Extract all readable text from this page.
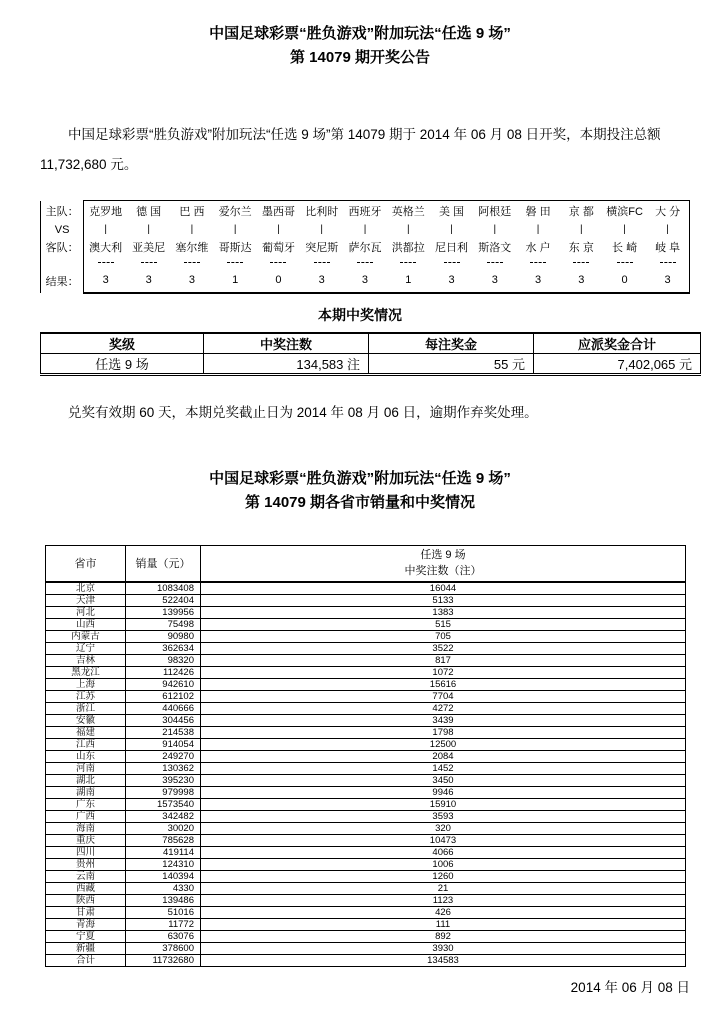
中国足球彩票“胜负游戏”附加玩法“任选 9 场”
第 14079 期开奖公告

中国足球彩票“胜负游戏”附加玩法“任选 9 场”第 14079 期于 2014 年 06 月 08 日开奖，本期投注总额 11,732,680 元。

主队：	克罗地	德 国	巴 西	爱尔兰	墨西哥	比利时	西班牙	英格兰	美 国	阿根廷	磐 田	京 都	横滨FC	大 分
VS	|	|	|	|	|	|	|	|	|	|	|	|	|	|
客队：	澳大利	亚美尼	塞尔维	哥斯达	葡萄牙	突尼斯	萨尔瓦	洪都拉	尼日利	斯洛文	水 户	东 京	长 崎	岐 阜

结果：	3	3	3	1	0	3	3	1	3	3	3	3	0	3
本期中奖情况
奖级	中奖注数	每注奖金	应派奖金合计
任选 9 场	134,583 注	55 元	7,402,065 元

兑奖有效期 60 天，本期兑奖截止日为 2014 年 08 月 06 日，逾期作弃奖处理。

中国足球彩票“胜负游戏”附加玩法“任选 9 场”
第 14079 期各省市销量和中奖情况
省市	销量（元）	任选 9 场
中奖注数（注）

北京	1083408	16044
天津	522404	5133
河北	139956	1383
山西	75498	515
内蒙古	90980	705
辽宁	362634	3522
吉林	98320	817
黑龙江	112426	1072
上海	942610	15616
江苏	612102	7704
浙江	440666	4272
安徽	304456	3439
福建	214538	1798
江西	914054	12500
山东	249270	2084
河南	130362	1452
湖北	395230	3450
湖南	979998	9946
广东	1573540	15910
广西	342482	3593
海南	30020	320
重庆	785628	10473
四川	419114	4066
贵州	124310	1006
云南	140394	1260
西藏	4330	21
陕西	139486	1123
甘肃	51016	426
青海	11772	111
宁夏	63076	892
新疆	378600	3930
合计	11732680	134583
2014 年 06 月 08 日
